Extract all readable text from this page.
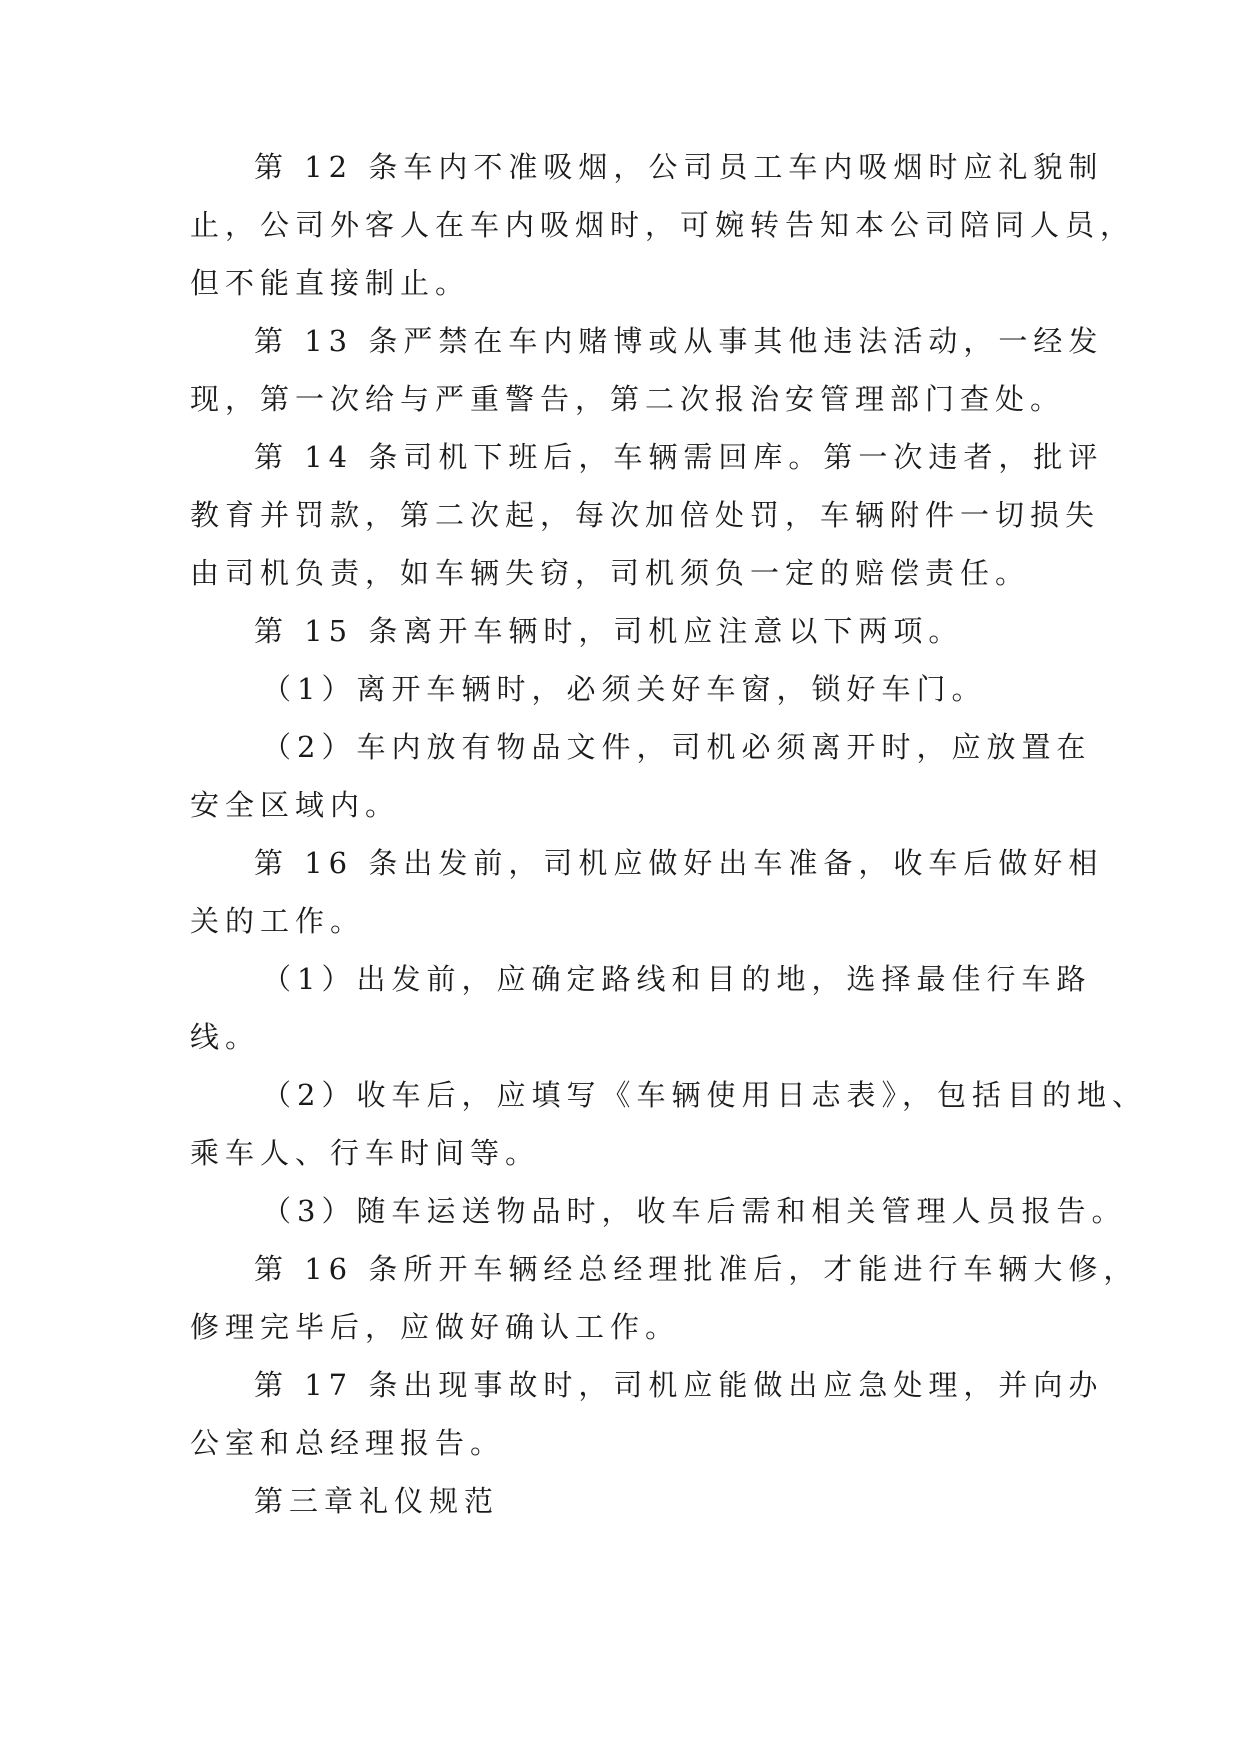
第 12 条车内不准吸烟，公司员工车内吸烟时应礼貌制
止，公司外客人在车内吸烟时，可婉转告知本公司陪同人员，
但不能直接制止。
第 13 条严禁在车内赌博或从事其他违法活动，一经发
现，第一次给与严重警告，第二次报治安管理部门查处。
第 14 条司机下班后，车辆需回库。第一次违者，批评
教育并罚款，第二次起，每次加倍处罚，车辆附件一切损失
由司机负责，如车辆失窃，司机须负一定的赔偿责任。
第 15 条离开车辆时，司机应注意以下两项。
（1）离开车辆时，必须关好车窗，锁好车门。
（2）车内放有物品文件，司机必须离开时，应放置在
安全区域内。
第 16 条出发前，司机应做好出车准备，收车后做好相
关的工作。
（1）出发前，应确定路线和目的地，选择最佳行车路
线。
（2）收车后，应填写《车辆使用日志表》，包括目的地、
乘车人、行车时间等。
（3）随车运送物品时，收车后需和相关管理人员报告。
第 16 条所开车辆经总经理批准后，才能进行车辆大修，
修理完毕后，应做好确认工作。
第 17 条出现事故时，司机应能做出应急处理，并向办
公室和总经理报告。
第三章礼仪规范
